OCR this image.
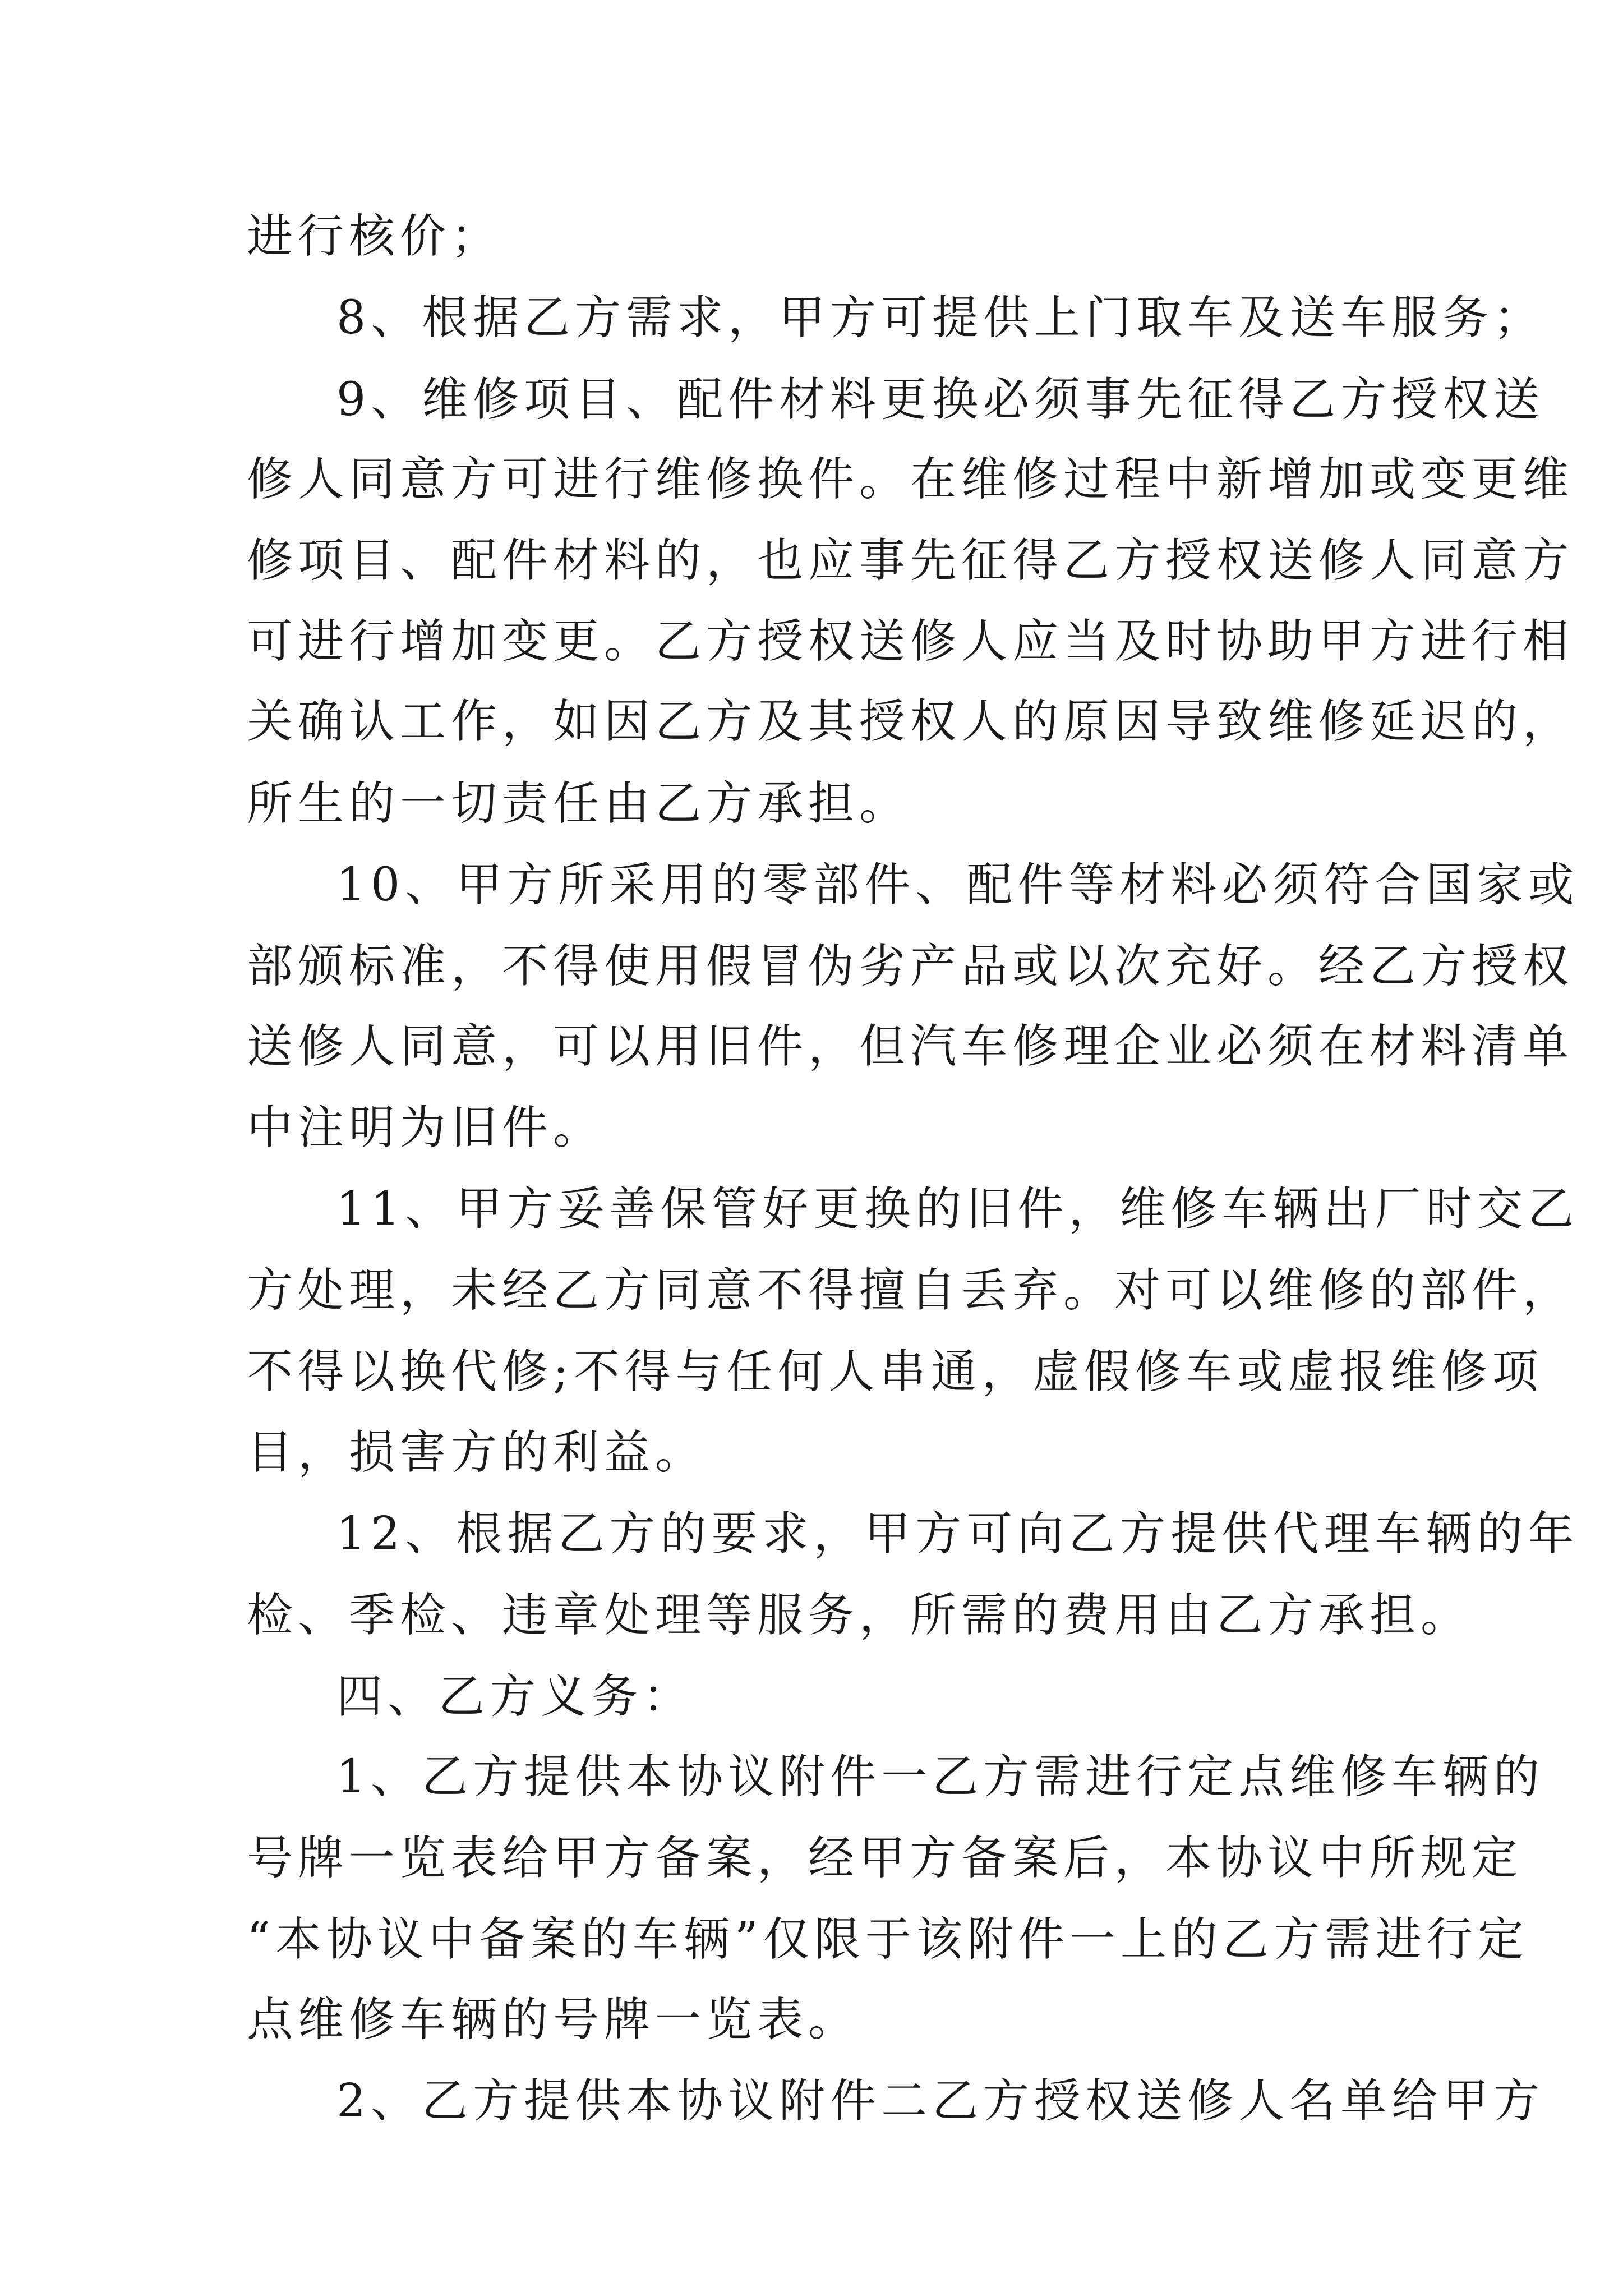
进行核价；
8、根据乙方需求，甲方可提供上门取车及送车服务；
9、维修项目、配件材料更换必须事先征得乙方授权送
修人同意方可进行维修换件。在维修过程中新增加或变更维
修项目、配件材料的，也应事先征得乙方授权送修人同意方
可进行增加变更。乙方授权送修人应当及时协助甲方进行相
关确认工作，如因乙方及其授权人的原因导致维修延迟的，
所生的一切责任由乙方承担。
10、甲方所采用的零部件、配件等材料必须符合国家或
部颁标准，不得使用假冒伪劣产品或以次充好。经乙方授权
送修人同意，可以用旧件，但汽车修理企业必须在材料清单
中注明为旧件。
11、甲方妥善保管好更换的旧件，维修车辆出厂时交乙
方处理，未经乙方同意不得擅自丢弃。对可以维修的部件，
不得以换代修;不得与任何人串通，虚假修车或虚报维修项
目，损害方的利益。
12、根据乙方的要求，甲方可向乙方提供代理车辆的年
检、季检、违章处理等服务，所需的费用由乙方承担。
四、乙方义务：
1、乙方提供本协议附件一乙方需进行定点维修车辆的
号牌一览表给甲方备案，经甲方备案后，本协议中所规定
“本协议中备案的车辆”仅限于该附件一上的乙方需进行定
点维修车辆的号牌一览表。
2、乙方提供本协议附件二乙方授权送修人名单给甲方
